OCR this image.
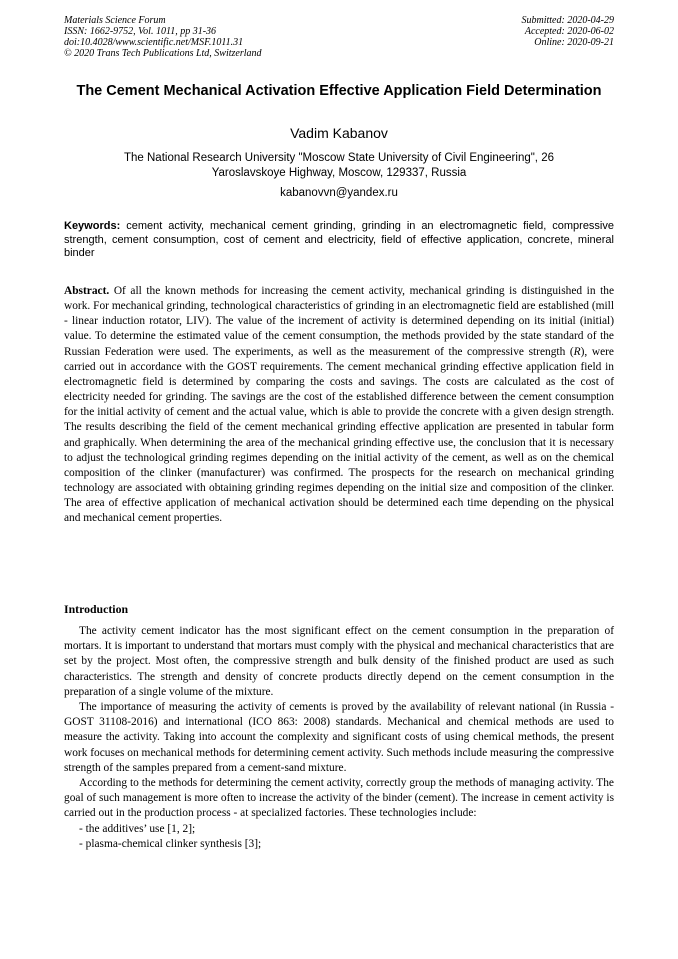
Materials Science Forum
ISSN: 1662-9752, Vol. 1011, pp 31-36
doi:10.4028/www.scientific.net/MSF.1011.31
© 2020 Trans Tech Publications Ltd, Switzerland
Submitted: 2020-04-29
Accepted: 2020-06-02
Online: 2020-09-21
The Cement Mechanical Activation Effective Application Field Determination
Vadim Kabanov
The National Research University "Moscow State University of Civil Engineering", 26 Yaroslavskoye Highway, Moscow, 129337, Russia
kabanovvn@yandex.ru
Keywords: cement activity, mechanical cement grinding, grinding in an electromagnetic field, compressive strength, cement consumption, cost of cement and electricity, field of effective application, concrete, mineral binder
Abstract. Of all the known methods for increasing the cement activity, mechanical grinding is distinguished in the work. For mechanical grinding, technological characteristics of grinding in an electromagnetic field are established (mill - linear induction rotator, LIV). The value of the increment of activity is determined depending on its initial (initial) value. To determine the estimated value of the cement consumption, the methods provided by the state standard of the Russian Federation were used. The experiments, as well as the measurement of the compressive strength (R), were carried out in accordance with the GOST requirements. The cement mechanical grinding effective application field in electromagnetic field is determined by comparing the costs and savings. The costs are calculated as the cost of electricity needed for grinding. The savings are the cost of the established difference between the cement consumption for the initial activity of cement and the actual value, which is able to provide the concrete with a given design strength. The results describing the field of the cement mechanical grinding effective application are presented in tabular form and graphically. When determining the area of the mechanical grinding effective use, the conclusion that it is necessary to adjust the technological grinding regimes depending on the initial activity of the cement, as well as on the chemical composition of the clinker (manufacturer) was confirmed. The prospects for the research on mechanical grinding technology are associated with obtaining grinding regimes depending on the initial size and composition of the clinker. The area of effective application of mechanical activation should be determined each time depending on the physical and mechanical cement properties.
Introduction

The activity cement indicator has the most significant effect on the cement consumption in the preparation of mortars. It is important to understand that mortars must comply with the physical and mechanical characteristics that are set by the project. Most often, the compressive strength and bulk density of the finished product are used as such characteristics. The strength and density of concrete products directly depend on the cement consumption in the preparation of a single volume of the mixture.

The importance of measuring the activity of cements is proved by the availability of relevant national (in Russia - GOST 31108-2016) and international (ICO 863: 2008) standards. Mechanical and chemical methods are used to measure the activity. Taking into account the complexity and significant costs of using chemical methods, the present work focuses on mechanical methods for determining cement activity. Such methods include measuring the compressive strength of the samples prepared from a cement-sand mixture.

According to the methods for determining the cement activity, correctly group the methods of managing activity. The goal of such management is more often to increase the activity of the binder (cement). The increase in cement activity is carried out in the production process - at specialized factories. These technologies include:

- the additives’ use [1, 2];

- plasma-chemical clinker synthesis [3];
